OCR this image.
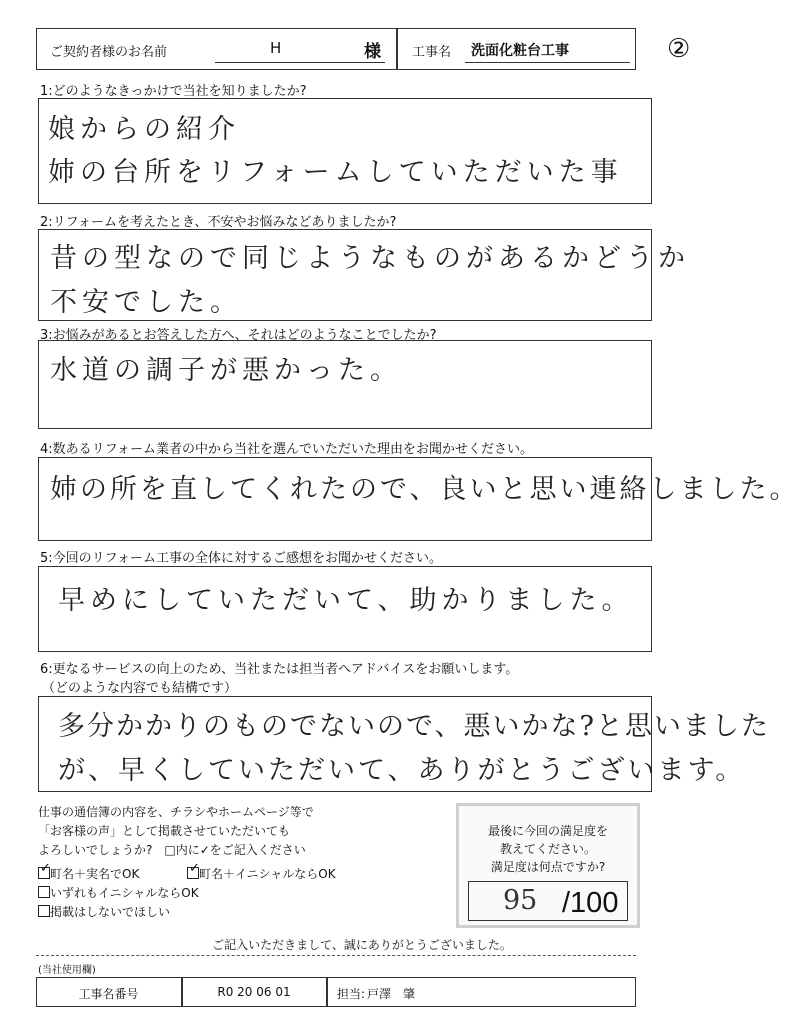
ご契約者様のお名前	H	様 工事名 洗面化粧台工事	②
1:どのようなきっかけで当社を知りましたか?
娘からの紹介
姉の台所をリフォームしていただいた事
2:リフォームを考えたとき、不安やお悩みなどありましたか?
昔の型なので同じようなものがあるかどうか
不安でした。
3:お悩みがあるとお答えした方へ、それはどのようなことでしたか?
水道の調子が悪かった。
4:数あるリフォーム業者の中から当社を選んでいただいた理由をお聞かせください。
姉の所を直してくれたので、良いと思い連絡しました。
5:今回のリフォーム工事の全体に対するご感想をお聞かせください。
早めにしていただいて、助かりました。
6:更なるサービスの向上のため、当社または担当者へアドバイスをお願いします。
（どのような内容でも結構です）
多分かかりのものでないので、悪いかな?と思いました
が、早くしていただいて、ありがとうございます。
仕事の通信簿の内容を、チラシやホームページ等で
「お客様の声」として掲載させていただいても
よろしいでしょうか?　□内に✓をご記入ください
✓ 町名＋実名でOK	✓ 町名＋イニシャルならOK
いずれもイニシャルならOK
掲載はしないでほしい
最後に今回の満足度を
教えてください。
満足度は何点ですか?
95 /100
ご記入いただきまして、誠にありがとうございました。
(当社使用欄)
工事名番号	R0 20 06 01	担当: 戸澤　肇
